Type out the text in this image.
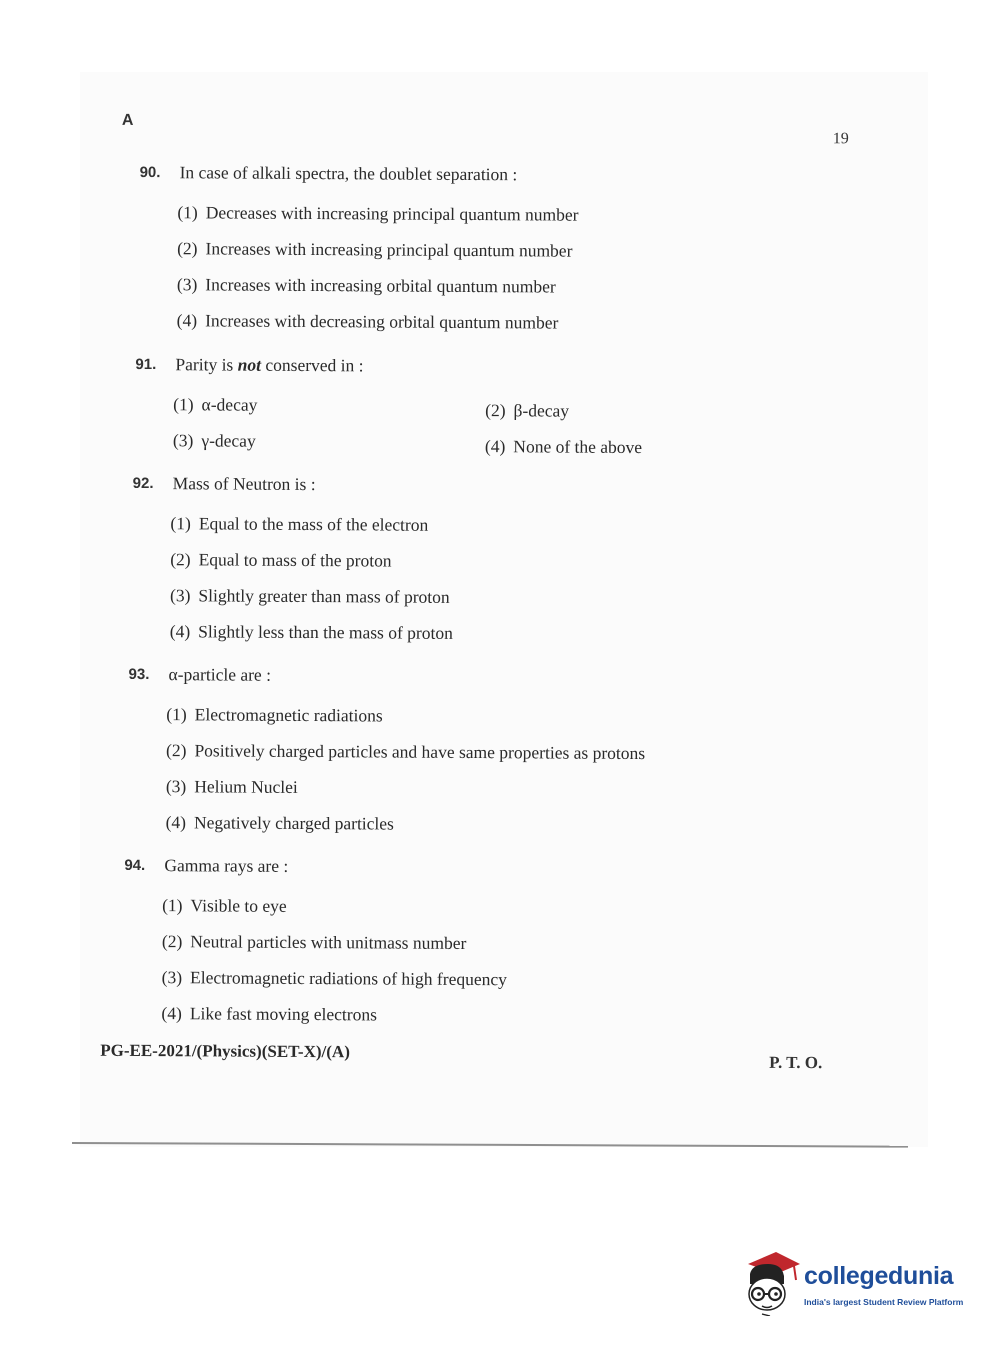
A
19
90. In case of alkali spectra, the doublet separation :
(1) Decreases with increasing principal quantum number
(2) Increases with increasing principal quantum number
(3) Increases with increasing orbital quantum number
(4) Increases with decreasing orbital quantum number
91. Parity is not conserved in :
(1) α-decay	(2) β-decay
(3) γ-decay	(4) None of the above
92. Mass of Neutron is :
(1) Equal to the mass of the electron
(2) Equal to mass of the proton
(3) Slightly greater than mass of proton
(4) Slightly less than the mass of proton
93. α-particle are :
(1) Electromagnetic radiations
(2) Positively charged particles and have same properties as protons
(3) Helium Nuclei
(4) Negatively charged particles
94. Gamma rays are :
(1) Visible to eye
(2) Neutral particles with unitmass number
(3) Electromagnetic radiations of high frequency
(4) Like fast moving electrons
PG-EE-2021/(Physics)(SET-X)/(A)
P. T. O.
collegedunia
India's largest Student Review Platform
